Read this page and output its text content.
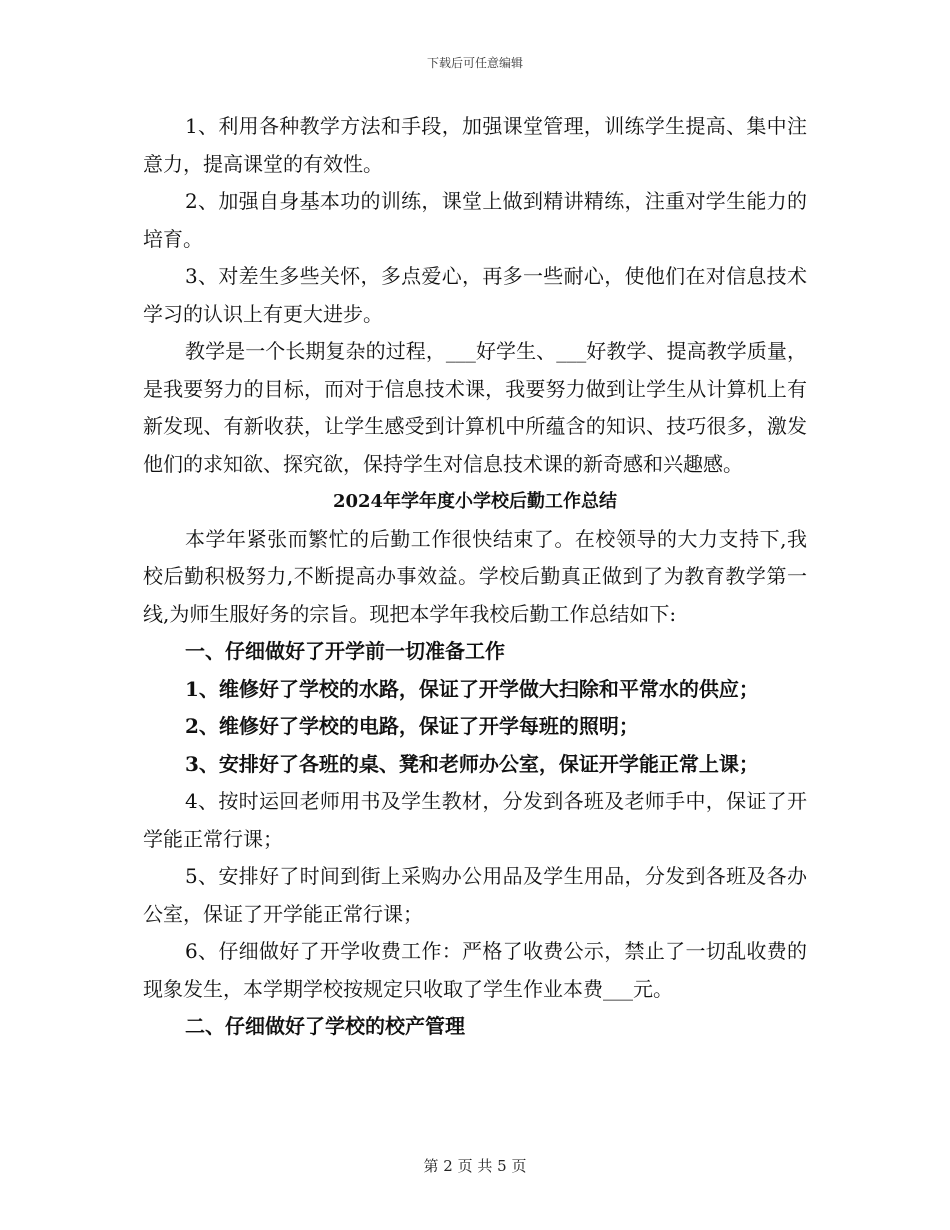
下载后可任意编辑

1、利用各种教学方法和手段，加强课堂管理，训练学生提高、集中注意力，提高课堂的有效性。

2、加强自身基本功的训练，课堂上做到精讲精练，注重对学生能力的培育。

3、对差生多些关怀，多点爱心，再多一些耐心，使他们在对信息技术学习的认识上有更大进步。

教学是一个长期复杂的过程，___好学生、___好教学、提高教学质量，是我要努力的目标，而对于信息技术课，我要努力做到让学生从计算机上有新发现、有新收获，让学生感受到计算机中所蕴含的知识、技巧很多，激发他们的求知欲、探究欲，保持学生对信息技术课的新奇感和兴趣感。

2024年学年度小学校后勤工作总结

本学年紧张而繁忙的后勤工作很快结束了。在校领导的大力支持下,我校后勤积极努力,不断提高办事效益。学校后勤真正做到了为教育教学第一线,为师生服好务的宗旨。现把本学年我校后勤工作总结如下:

一、仔细做好了开学前一切准备工作

1、维修好了学校的水路，保证了开学做大扫除和平常水的供应；

2、维修好了学校的电路，保证了开学每班的照明；

3、安排好了各班的桌、凳和老师办公室，保证开学能正常上课；

4、按时运回老师用书及学生教材，分发到各班及老师手中，保证了开学能正常行课；

5、安排好了时间到街上采购办公用品及学生用品，分发到各班及各办公室，保证了开学能正常行课；

6、仔细做好了开学收费工作：严格了收费公示，禁止了一切乱收费的现象发生，本学期学校按规定只收取了学生作业本费___元。

二、仔细做好了学校的校产管理

第 2 页 共 5 页
